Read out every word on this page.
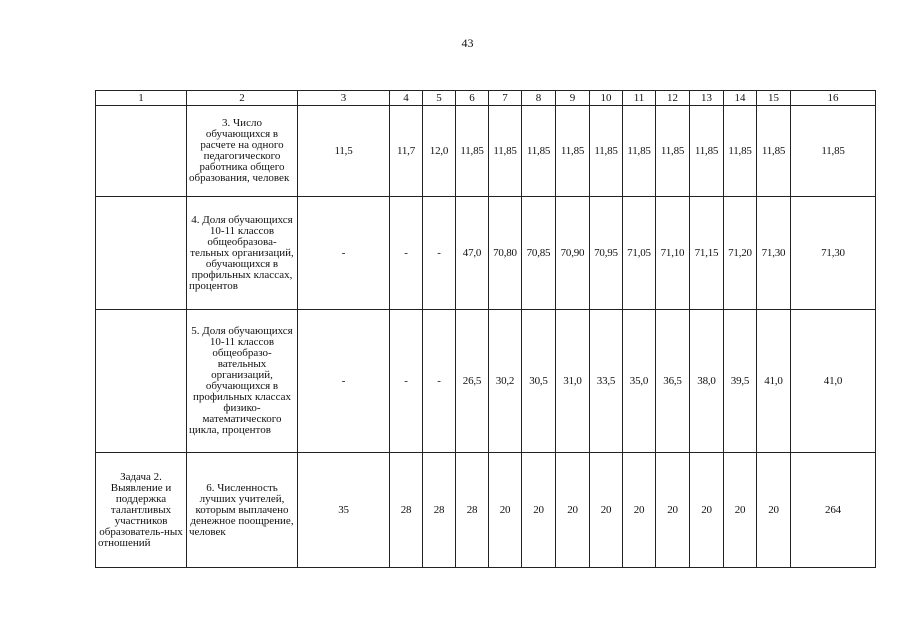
43
1	2	3	4	5	6	7	8	9	10	11	12	13	14	15	16

	3. Число обучающихся в расчете на одного педагогического работника общего образования, человек	11,5	11,7	12,0	11,85	11,85	11,85	11,85	11,85	11,85	11,85	11,85	11,85	11,85	11,85

	4. Доля обучающихся 10-11 классов общеобразова-тельных организаций, обучающихся в профильных классах, процентов	-	-	-	47,0	70,80	70,85	70,90	70,95	71,05	71,10	71,15	71,20	71,30	71,30

	5. Доля обучающихся 10-11 классов общеобразо-вательных организаций, обучающихся в профильных классах физико-математического цикла, процентов	-	-	-	26,5	30,2	30,5	31,0	33,5	35,0	36,5	38,0	39,5	41,0	41,0

Задача 2. Выявление и поддержка талантливых участников образователь-ных отношений	6. Численность лучших учителей, которым выплачено денежное поощрение, человек	35	28	28	28	20	20	20	20	20	20	20	20	20	264
